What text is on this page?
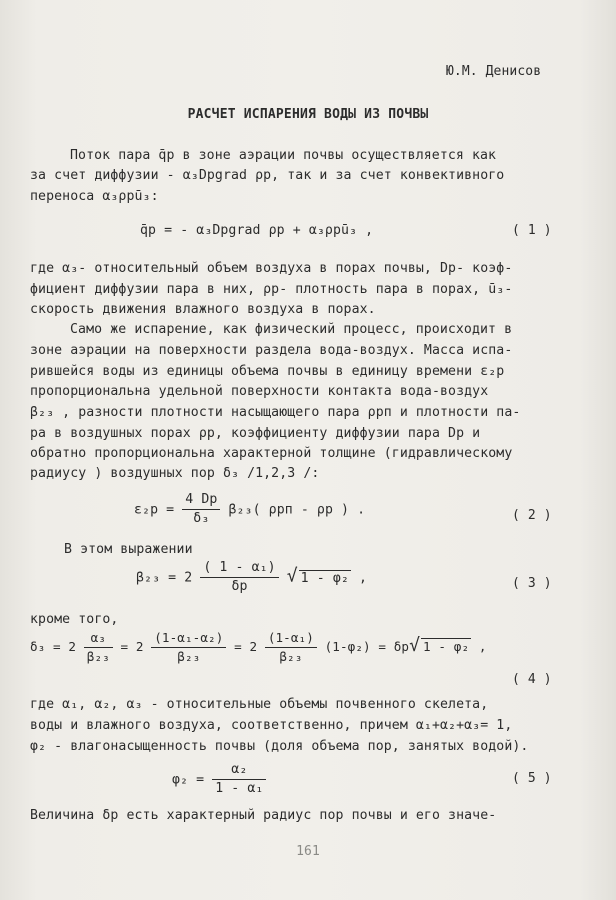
Ю.М. Денисов
РАСЧЕТ ИСПАРЕНИЯ ВОДЫ ИЗ ПОЧВЫ
Поток пара q̄р в зоне аэрации почвы осуществляется как
за счет диффузии - α₃Dрgrad ρр, так и за счет конвективного
переноса α₃ρрū₃:
q̄р = - α₃Dрgrad ρр + α₃ρрū₃ ,	( 1 )
где α₃- относительный объем воздуха в порах почвы, Dр- коэф-
фициент диффузии пара в них, ρр- плотность пара в порах, ū₃-
скорость движения влажного воздуха в порах.
Само же испарение, как физический процесс, происходит в
зоне аэрации на поверхности раздела вода-воздух. Масса испа-
рившейся воды из единицы объема почвы в единицу времени ε₂р
пропорциональна удельной поверхности контакта вода-воздух
β₂₃ , разности плотности насыщающего пара ρрп и плотности па-
ра в воздушных порах ρр, коэффициенту диффузии пара Dр и
обратно пропорциональна характерной толщине (гидравлическому
радиусу ) воздушных пор δ₃ /1,2,3 /:
$\varepsilon_2р = \frac{4 Dр}{\text{δ₃}} \beta_{23}$( ρрп - ρр ) .	( 2 )
В этом выражении
$\beta_{23} = 2 \frac{\text{( 1 - α₁)}}{\delta р}$ √ 1 - φ₂ ,	( 3 )
кроме того,
$\delta_3 = 2 \frac{\text{α₃}}{\text{β₂₃}} = 2 \frac{\text{(1-α₁-α₂)}}{\text{β₂₃}} = 2 \frac{\text{(1-α₁)}}{\text{β₂₃}} (1-\varphi_2) = \delta р√$ 1 - φ₂ ,
( 4 )
где α₁, α₂, α₃ - относительные объемы почвенного скелета,
воды и влажного воздуха, соответственно, причем α₁+α₂+α₃= 1,
φ₂ - влагонасыщенность почвы (доля объема пор, занятых водой).
$\varphi_2 = \frac{\text{α₂}}{\text{1 - α₁}}$	( 5 )
Величина δр есть характерный радиус пор почвы и его значе-
161
